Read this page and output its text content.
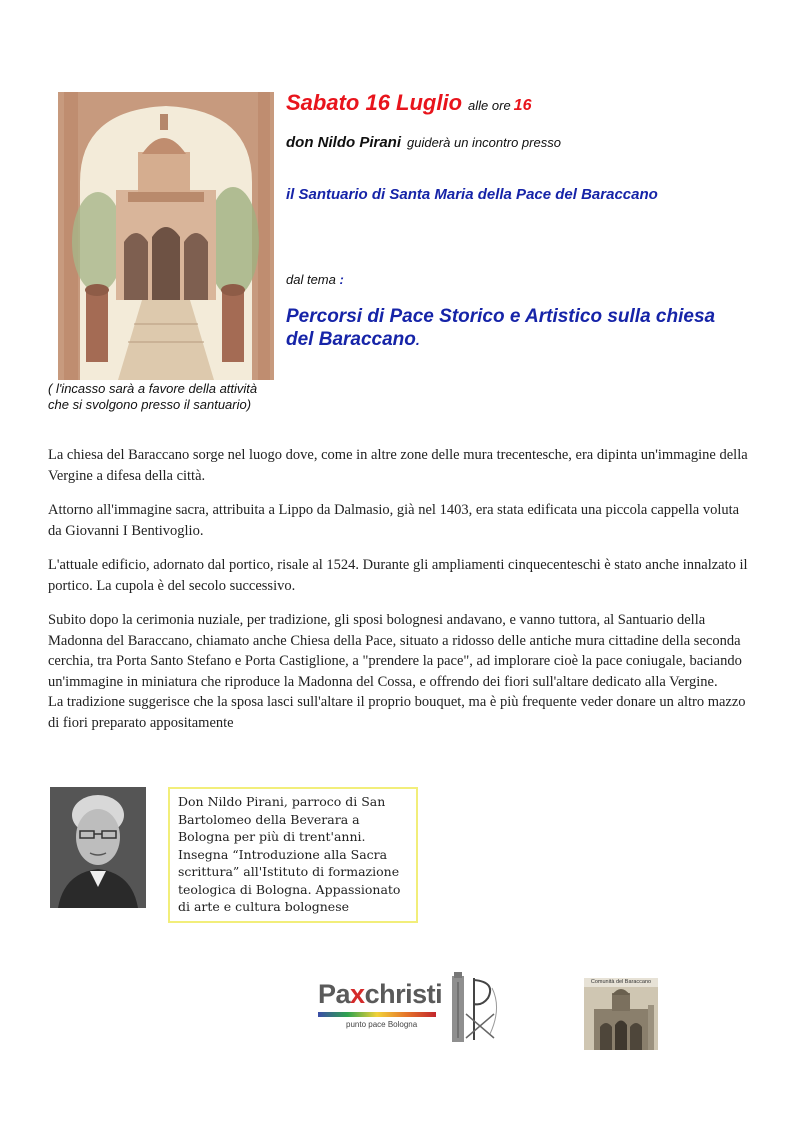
( l'incasso sarà a favore della attività
che si svolgono presso il santuario)
Sabato 16 Luglio alle ore 16
don Nildo Pirani guiderà un incontro presso
il Santuario di Santa Maria della Pace del Baraccano
dal tema :
Percorsi di Pace Storico e Artistico sulla chiesa del Baraccano.

La chiesa del Baraccano sorge nel luogo dove, come in altre zone delle mura trecentesche, era dipinta un'immagine della Vergine a difesa della città.

Attorno all'immagine sacra, attribuita a Lippo da Dalmasio, già nel 1403, era stata edificata una piccola cappella voluta da Giovanni I Bentivoglio.

L'attuale edificio, adornato dal portico, risale al 1524. Durante gli ampliamenti cinquecenteschi è stato anche innalzato il portico. La cupola è del secolo successivo.

Subito dopo la cerimonia nuziale, per tradizione, gli sposi bolognesi andavano, e vanno tuttora, al Santuario della Madonna del Baraccano, chiamato anche Chiesa della Pace, situato a ridosso delle antiche mura cittadine della seconda cerchia, tra Porta Santo Stefano e Porta Castiglione, a "prendere la pace", ad implorare cioè la pace coniugale, baciando un'immagine in miniatura che riproduce la Madonna del Cossa, e offrendo dei fiori sull'altare dedicato alla Vergine.

La tradizione suggerisce che la sposa lasci sull'altare il proprio bouquet, ma è più frequente veder donare un altro mazzo di fiori preparato appositamente

Don Nildo Pirani, parroco di San Bartolomeo della Beverara a Bologna per più di trent'anni. Insegna “Introduzione alla Sacra scrittura” all'Istituto di formazione teologica di Bologna. Appassionato di arte e cultura bolognese
Paxchristi
punto pace Bologna
Comunità del Baraccano
